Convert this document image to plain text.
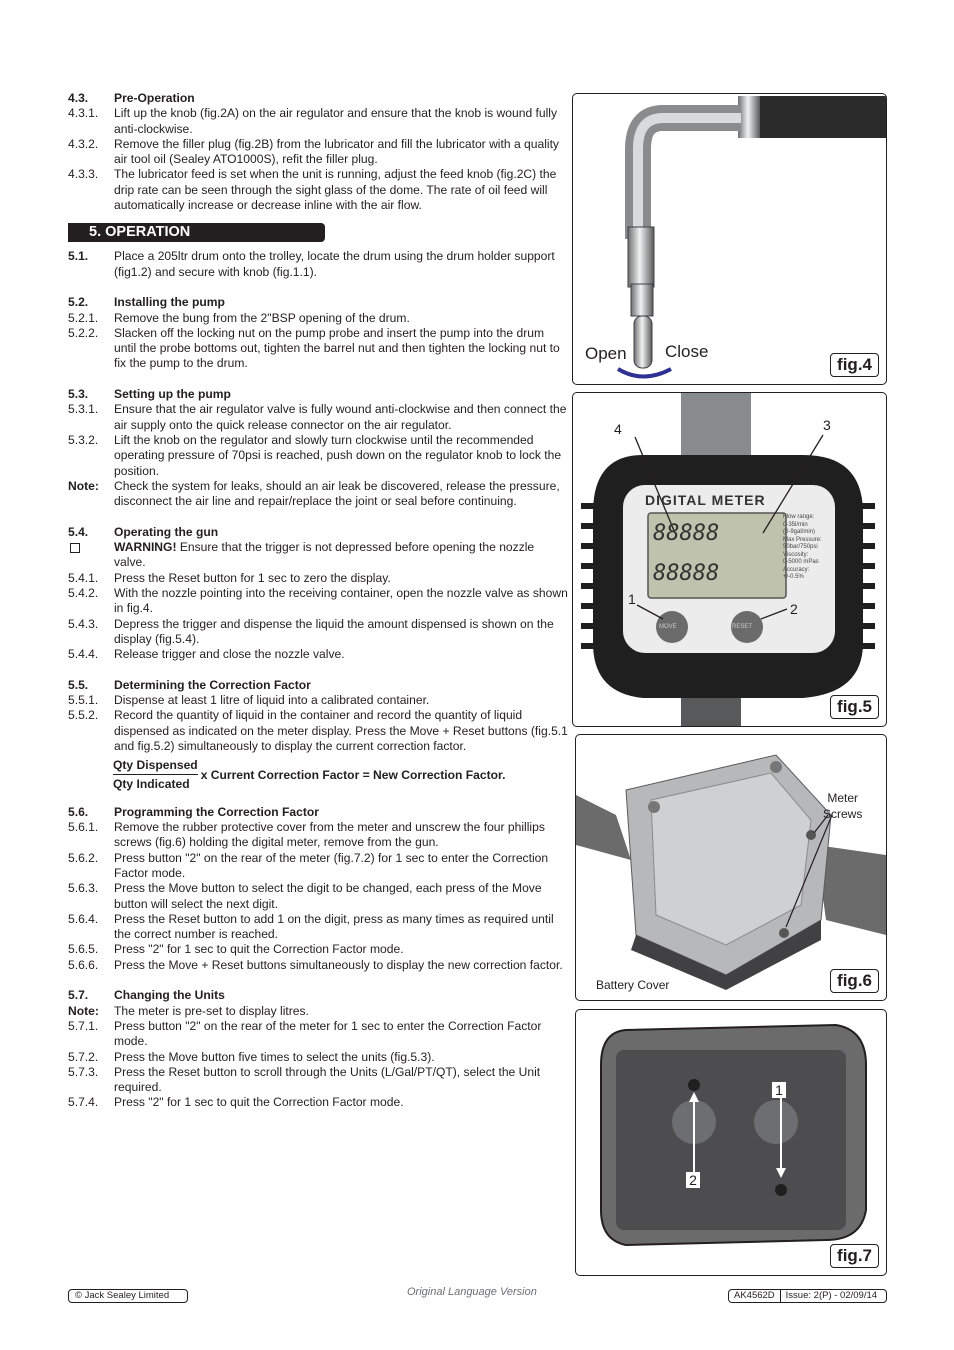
4.3.	Pre-Operation
4.3.1.	Lift up the knob (fig.2A) on the air regulator and ensure that the knob is wound fully anti-clockwise.
4.3.2.	Remove the filler plug (fig.2B) from the lubricator and fill the lubricator with a quality air tool oil (Sealey ATO1000S), refit the filler plug.
4.3.3.	The lubricator feed is set when the unit is running, adjust the feed knob (fig.2C) the drip rate can be seen through the sight glass of the dome. The rate of oil feed will automatically increase or decrease inline with the air flow.
5. OPERATION
5.1.	Place a 205ltr drum onto the trolley, locate the drum using the drum holder support (fig1.2) and secure with knob (fig.1.1).
5.2.	Installing the pump
5.2.1.	Remove the bung from the 2"BSP opening of the drum.
5.2.2.	Slacken off the locking nut on the pump probe and insert the pump into the drum until the probe bottoms out, tighten the barrel nut and then tighten the locking nut to fix the pump to the drum.
5.3.	Setting up the pump
5.3.1.	Ensure that the air regulator valve is fully wound anti-clockwise and then connect the air supply onto the quick release connector on the air regulator.
5.3.2.	Lift the knob on the regulator and slowly turn clockwise until the recommended operating pressure of 70psi is reached, push down on the regulator knob to lock the position.
Note:	Check the system for leaks, should an air leak be discovered, release the pressure, disconnect the air line and repair/replace the joint or seal before continuing.
5.4.	Operating the gun
WARNING! Ensure that the trigger is not depressed before opening the nozzle valve.
5.4.1.	Press the Reset button for 1 sec to zero the display.
5.4.2.	With the nozzle pointing into the receiving container, open the nozzle valve as shown in fig.4.
5.4.3.	Depress the trigger and dispense the liquid the amount dispensed is shown on the display (fig.5.4).
5.4.4.	Release trigger and close the nozzle valve.
5.5.	Determining the Correction Factor
5.5.1.	Dispense at least 1 litre of liquid into a calibrated container.
5.5.2.	Record the quantity of liquid in the container and record the quantity of liquid dispensed as indicated on the meter display. Press the Move + Reset buttons (fig.5.1 and fig.5.2) simultaneously to display the current correction factor.
$\frac{\text{Qty Dispensed}}{\text{Qty Indicated}}$ x Current Correction Factor = New Correction Factor.
5.6.	Programming the Correction Factor
5.6.1.	Remove the rubber protective cover from the meter and unscrew the four phillips screws (fig.6) holding the digital meter, remove from the gun.
5.6.2.	Press button "2" on the rear of the meter (fig.7.2) for 1 sec to enter the Correction Factor mode.
5.6.3.	Press the Move button to select the digit to be changed, each press of the Move button will select the next digit.
5.6.4.	Press the Reset button to add 1 on the digit, press as many times as required until the correct number is reached.
5.6.5.	Press "2" for 1 sec to quit the Correction Factor mode.
5.6.6.	Press the Move + Reset buttons simultaneously to display the new correction factor.
5.7.	Changing the Units
Note:	The meter is pre-set to display litres.
5.7.1.	Press button "2" on the rear of the meter for 1 sec to enter the Correction Factor mode.
5.7.2.	Press the Move button five times to select the units (fig.5.3).
5.7.3.	Press the Reset button to scroll through the Units (L/Gal/PT/QT), select the Unit required.
5.7.4.	Press "2" for 1 sec to quit the Correction Factor mode.
Open Close
fig.4
4	3
1
2
DIGITAL METER
88888
88888
Flow range:
0-35l/min
(0-9gal/min)
Max Pressure:
50bar/750psi
Viscosity:
0-5000 mPas
Accuracy:
+/-0.5%
MOVE	RESET
fig.5
Meter
Screws
Battery Cover	fig.6
1
2
fig.7
© Jack Sealey Limited	Original Language Version	AK4562D	Issue: 2(P) - 02/09/14
